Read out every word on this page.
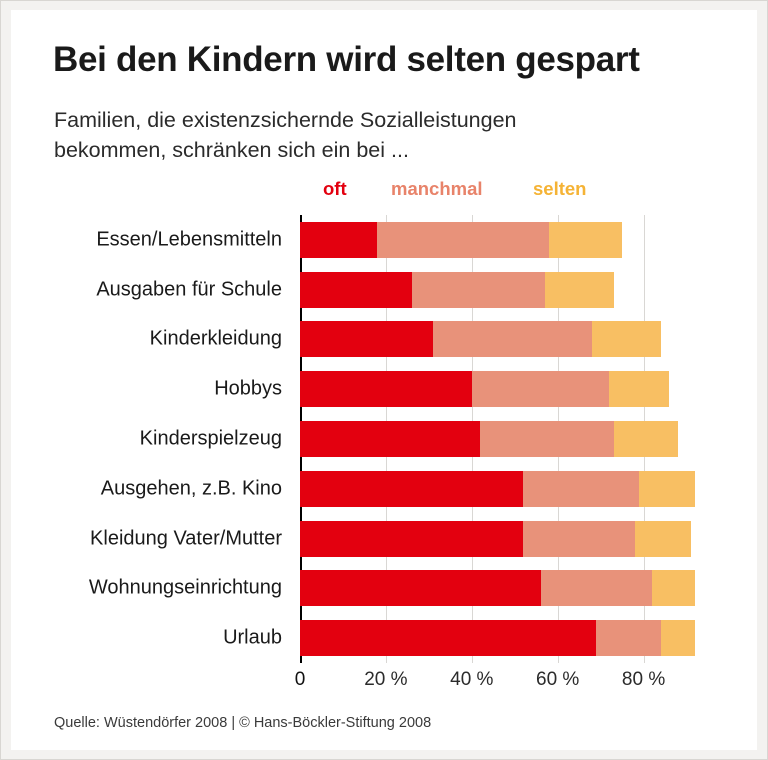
Bei den Kindern wird selten gespart
Familien, die existenzsichernde Sozialleistungen
bekommen, schränken sich ein bei ...
oft manchmal	selten
Essen/Lebensmitteln
Ausgaben für Schule
Kinderkleidung
Hobbys
Kinderspielzeug
Ausgehen, z.B. Kino
Kleidung Vater/Mutter
Wohnungseinrichtung
Urlaub
0	20 % 40 % 60 % 80 %
Quelle: Wüstendörfer 2008 | © Hans-Böckler-Stiftung 2008
